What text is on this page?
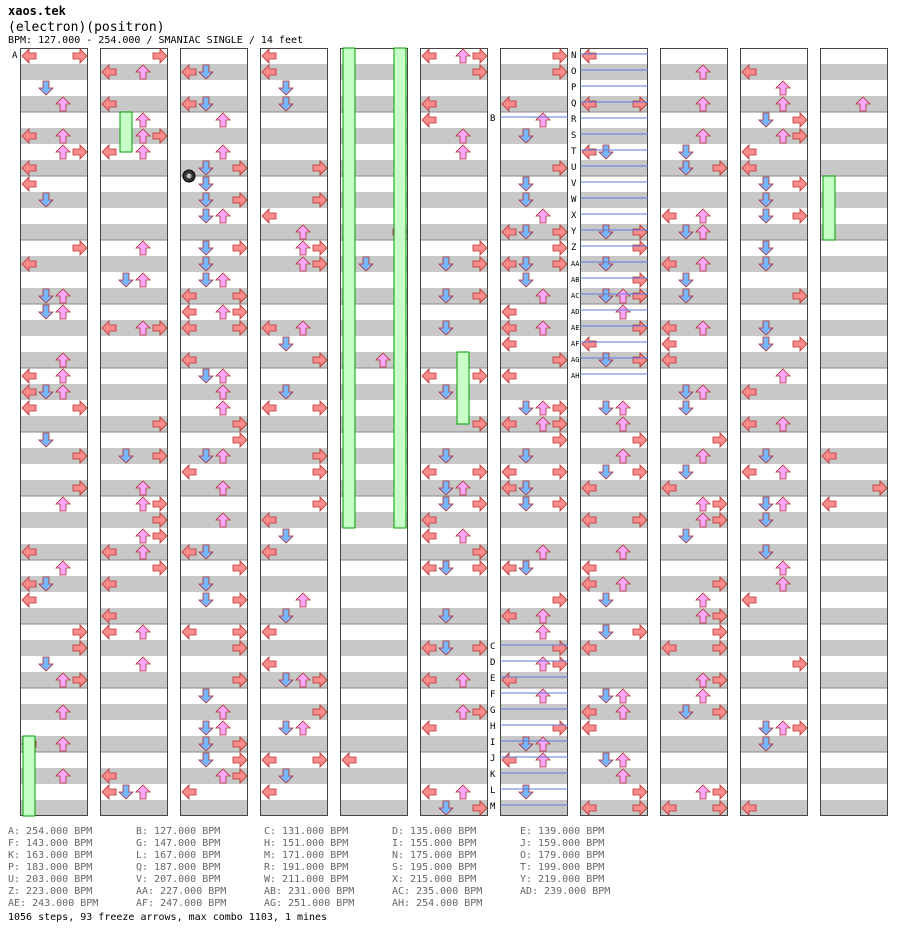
xaos.tek
(electron)(positron)
BPM: 127.000 - 254.000 / SMANIAC SINGLE / 14 feet
A	N
O
P
Q
R
S
T
U
V
W
X
Y
Z
AA
AB
AC
AD
AE
AF
AG
AH
B
C
D
E
F
G
H
I
J
K
L
M
A: 254.000 BPM	B: 127.000 BPM	C: 131.000 BPM	D: 135.000 BPM	E: 139.000 BPM
F: 143.000 BPM	G: 147.000 BPM	H: 151.000 BPM	I: 155.000 BPM	J: 159.000 BPM
K: 163.000 BPM	L: 167.000 BPM	M: 171.000 BPM	N: 175.000 BPM	O: 179.000 BPM
P: 183.000 BPM	Q: 187.000 BPM	R: 191.000 BPM	S: 195.000 BPM	T: 199.000 BPM
U: 203.000 BPM	V: 207.000 BPM	W: 211.000 BPM	X: 215.000 BPM	Y: 219.000 BPM
Z: 223.000 BPM	AA: 227.000 BPM	AB: 231.000 BPM	AC: 235.000 BPM	AD: 239.000 BPM
AE: 243.000 BPM	AF: 247.000 BPM	AG: 251.000 BPM	AH: 254.000 BPM
1056 steps, 93 freeze arrows, max combo 1103, 1 mines
